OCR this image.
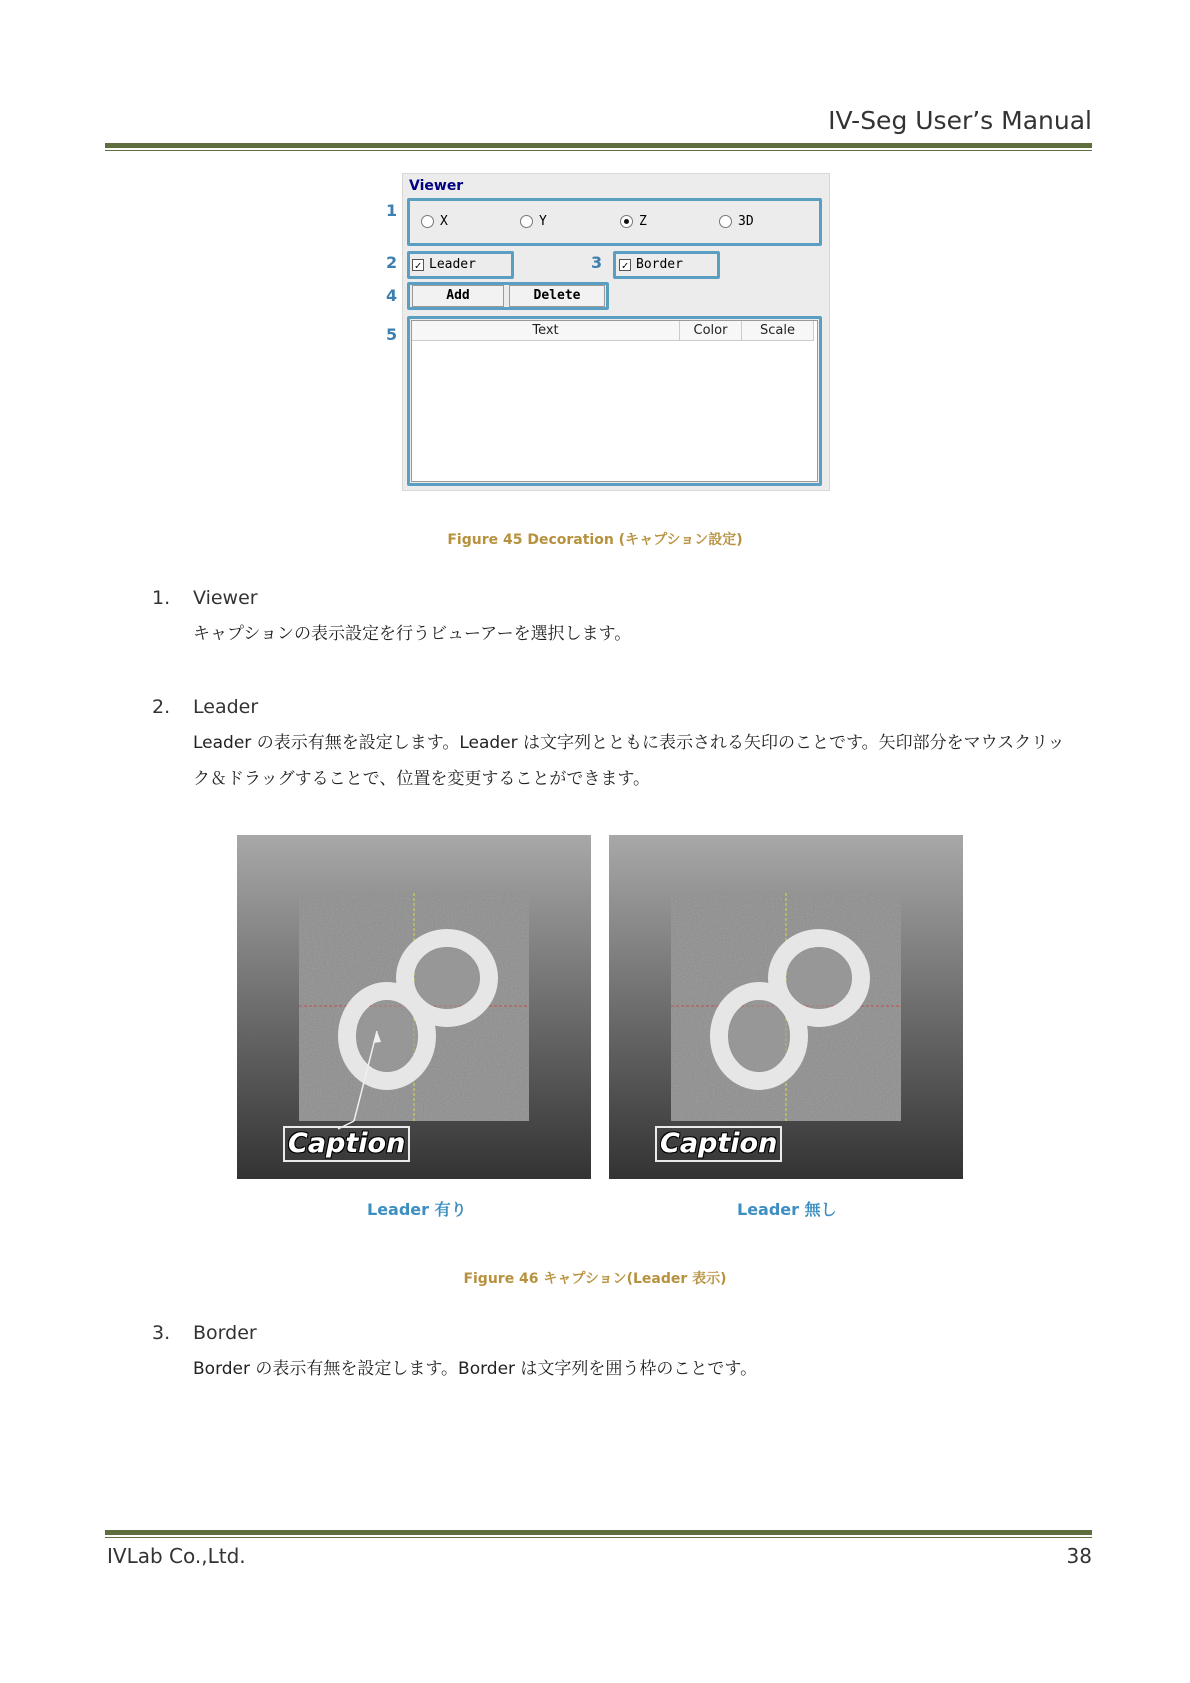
IV-Seg User’s Manual
Viewer
X	Y	Z	3D
✓ Leader	✓ Border
Add	Delete
Text	Color	Scale
1
2	3
4
5
Figure 45 Decoration (キャプション設定)
1. Viewer
キャプションの表示設定を行うビューアーを選択します。
2. Leader
Leader の表示有無を設定します。Leader は文字列とともに表示される矢印のことです。矢印部分をマウスクリッ
ク＆ドラッグすることで、位置を変更することができます。
Caption	Caption
Leader 有り	Leader 無し
Figure 46 キャプション(Leader 表示)
3. Border
Border の表示有無を設定します。Border は文字列を囲う枠のことです。
IVLab Co.,Ltd.	38
